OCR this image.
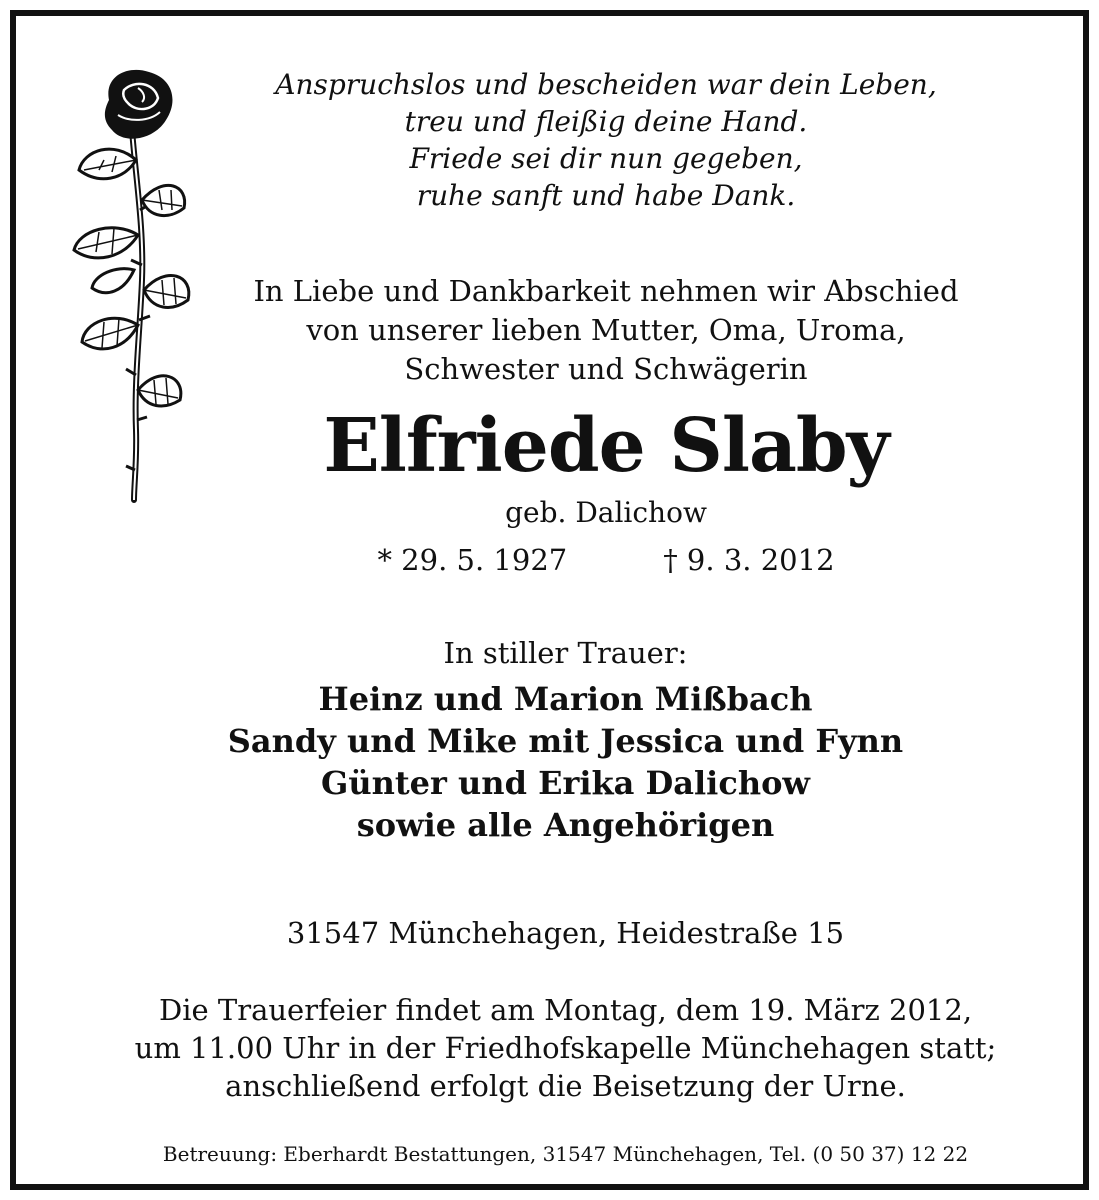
Anspruchslos und bescheiden war dein Leben,
treu und fleißig deine Hand.
Friede sei dir nun gegeben,
ruhe sanft und habe Dank.
In Liebe und Dankbarkeit nehmen wir Abschied
von unserer lieben Mutter, Oma, Uroma,
Schwester und Schwägerin
Elfriede Slaby
geb. Dalichow
* 29. 5. 1927	† 9. 3. 2012
In stiller Trauer:
Heinz und Marion Mißbach
Sandy und Mike mit Jessica und Fynn
Günter und Erika Dalichow
sowie alle Angehörigen
31547 Münchehagen, Heidestraße 15
Die Trauerfeier findet am Montag, dem 19. März 2012,
um 11.00 Uhr in der Friedhofskapelle Münchehagen statt;
anschließend erfolgt die Beisetzung der Urne.
Betreuung: Eberhardt Bestattungen, 31547 Münchehagen, Tel. (0 50 37) 12 22
